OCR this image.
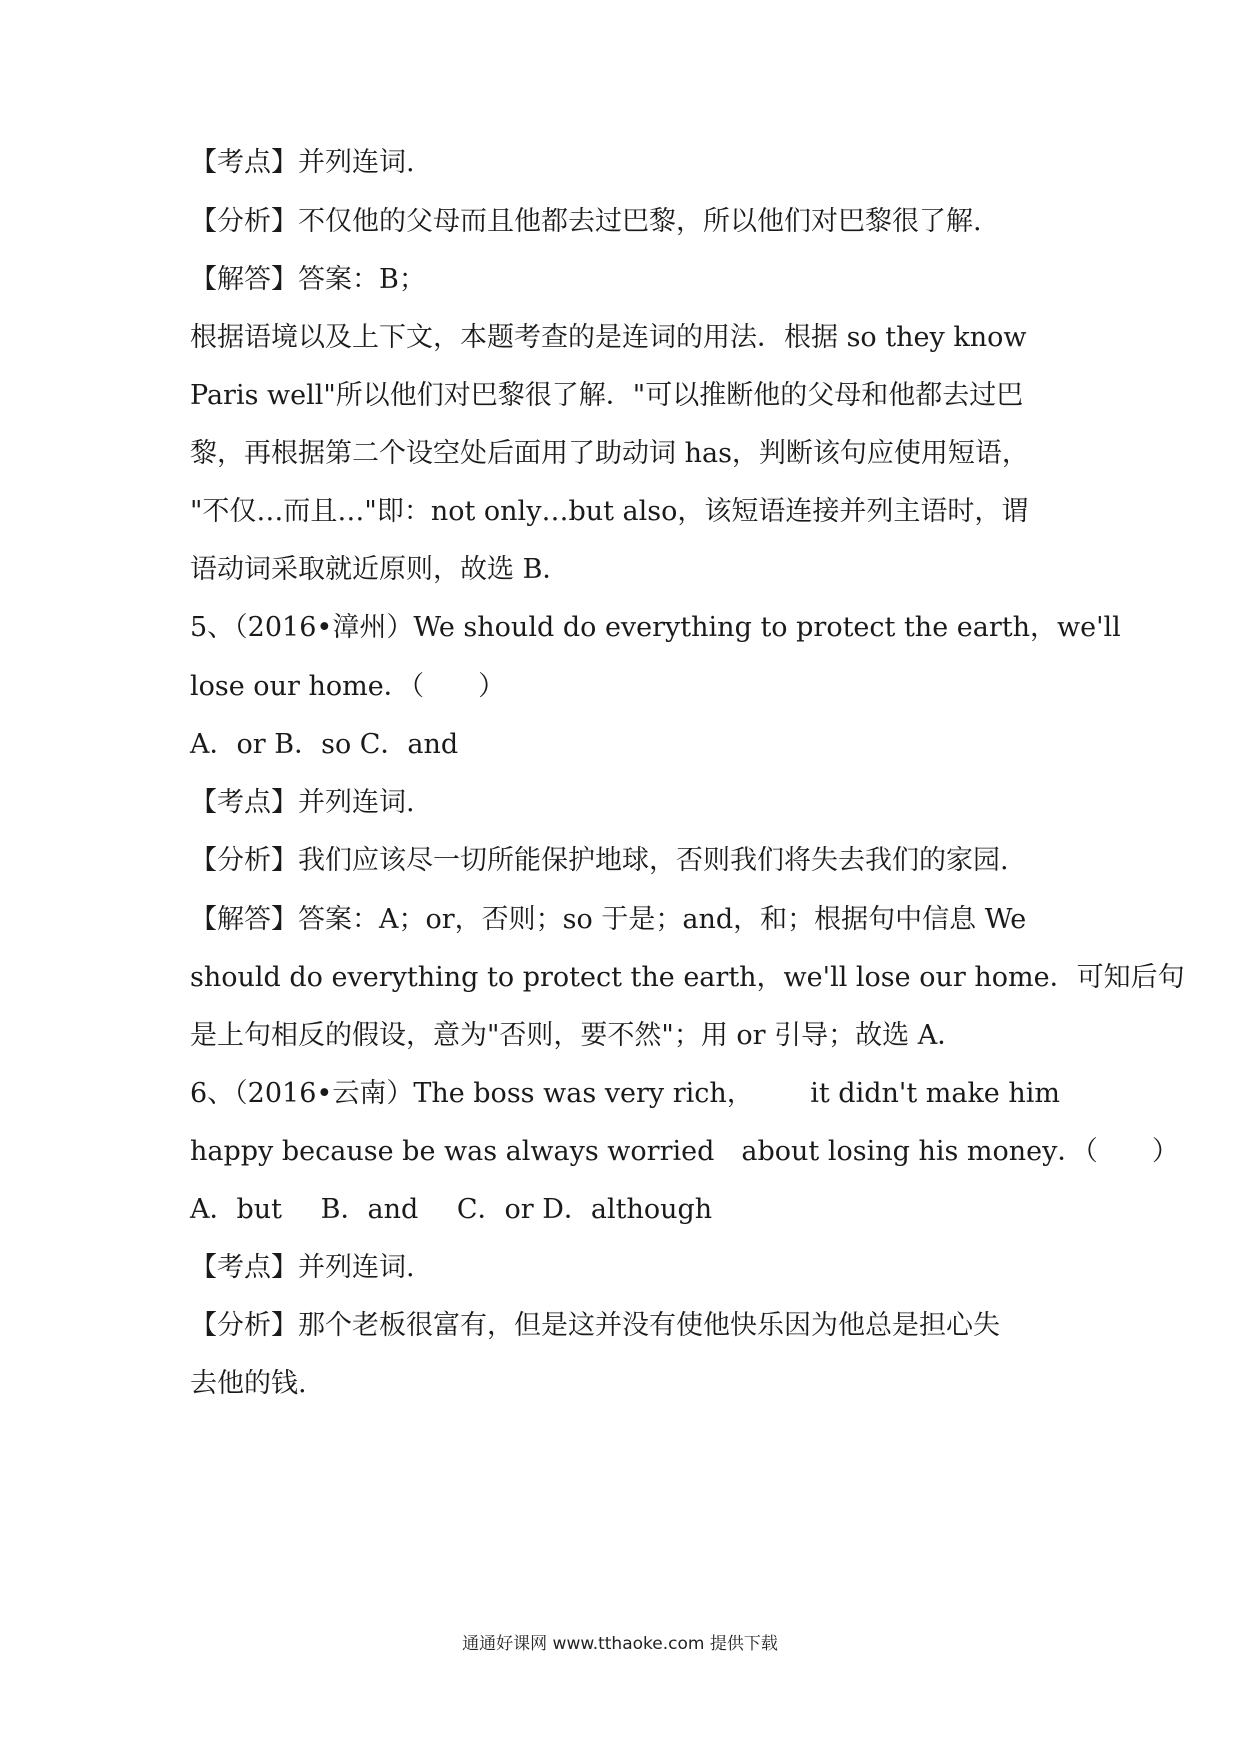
【考点】并列连词.
【分析】不仅他的父母而且他都去过巴黎，所以他们对巴黎很了解.
【解答】答案：B；
根据语境以及上下文，本题考查的是连词的用法．根据 so they know
Paris well"所以他们对巴黎很了解．"可以推断他的父母和他都去过巴
黎，再根据第二个设空处后面用了助动词 has，判断该句应使用短语，
"不仅…而且…"即：not only…but also，该短语连接并列主语时，谓
语动词采取就近原则，故选 B．
5、（2016•漳州）We should do everything to protect the earth， we'll
lose our home．（　　）
A．or B．so C．and
【考点】并列连词.
【分析】我们应该尽一切所能保护地球，否则我们将失去我们的家园.
【解答】答案：A；or，否则；so 于是；and，和；根据句中信息 We
should do everything to protect the earth，we'll lose our home．可知后句
是上句相反的假设，意为"否则，要不然"；用 or 引导；故选 A．
6、（2016•云南）The boss was very rich， it didn't make him
happy because be was always worried　about losing his money．（　　）
A．but B．and C．or D．although
【考点】并列连词.
【分析】那个老板很富有，但是这并没有使他快乐因为他总是担心失
去他的钱.
通通好课网 www.tthaoke.com 提供下载
